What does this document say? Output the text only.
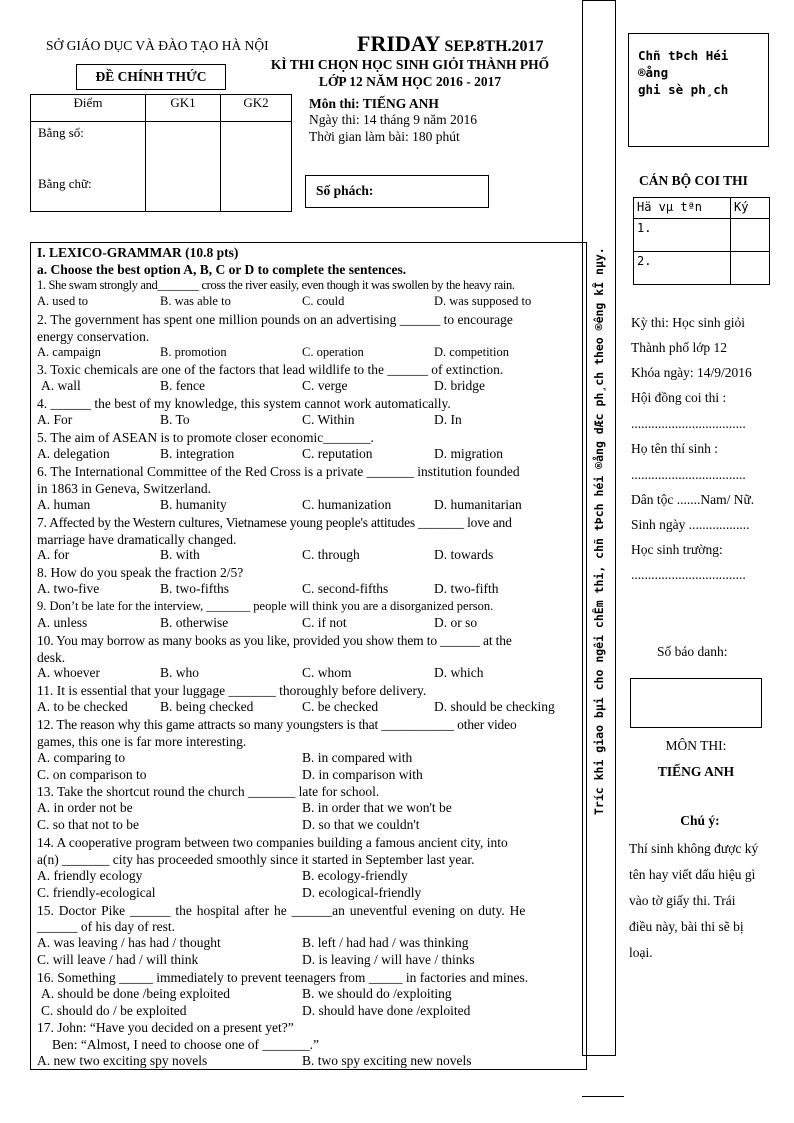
SỞ GIÁO DỤC VÀ ĐÀO TẠO HÀ NỘI	FRIDAY SEP.8TH.2017
ĐỀ CHÍNH THỨC
KÌ THI CHỌN HỌC SINH GIỎI THÀNH PHỐ
LỚP 12 NĂM HỌC 2016 - 2017
Điểm	GK1	GK2

Bằng số:
Bằng chữ:
Môn thi: TIẾNG ANH
Ngày thi: 14 tháng 9 năm 2016
Thời gian làm bài: 180 phút
Số phách:
Tríc khi giao bµi cho ngêi chÊm thi, chñ tÞch héi ®ång dÆc ph¸ch theo ®êng kÎ nµy.
Chñ tÞch Héi
®ång
ghi sè ph¸ch
CÁN BỘ COI THI
Hä vµ tªn	Ký
1.	
2.	
Kỳ thi: Học sinh giỏi
Thành phố lớp 12
Khóa ngày: 14/9/2016
Hội đồng coi thi :
..................................
Họ tên thí sinh :
..................................
Dân tộc .......Nam/ Nữ.
Sinh ngày ..................
Học sinh trường:
..................................
Số báo danh:
MÔN THI:
TIẾNG ANH
Chú ý:
Thí sinh không được ký
tên hay viết dấu hiệu gì
vào tờ giấy thi. Trái
điều này, bài thi sẽ bị
loại.
I. LEXICO-GRAMMAR (10.8 pts)
a. Choose the best option A, B, C or D to complete the sentences.
1. She swam strongly and_______ cross the river easily, even though it was swollen by the heavy rain.
A. used to	B. was able to	C. could	D. was supposed to
2. The government has spent one million pounds on an advertising ______ to encourage
energy conservation.
A. campaign	B. promotion	C. operation	D. competition
3. Toxic chemicals are one of the factors that lead wildlife to the ______ of extinction.
A. wall	B. fence	C. verge	D. bridge
4. ______ the best of my knowledge, this system cannot work automatically.
A. For	B. To	C. Within	D. In
5. The aim of ASEAN is to promote closer economic_______.
A. delegation	B. integration	C. reputation	D. migration
6. The International Committee of the Red Cross is a private _______ institution founded
in 1863 in Geneva, Switzerland.
A. human	B. humanity	C. humanization	D. humanitarian
7. Affected by the Western cultures, Vietnamese young people's attitudes _______ love and
marriage have dramatically changed.
A. for	B. with	C. through	D. towards
8. How do you speak the fraction 2/5?
A. two-five	B. two-fifths	C. second-fifths	D. two-fifth
9. Don’t be late for the interview, _______ people will think you are a disorganized person.
A. unless	B. otherwise	C. if not	D. or so
10. You may borrow as many books as you like, provided you show them to ______ at the
desk.
A. whoever	B. who	C. whom	D. which
11. It is essential that your luggage _______ thoroughly before delivery.
A. to be checked B. being checked	C. be checked	D. should be checking
12. The reason why this game attracts so many youngsters is that ___________ other video
games, this one is far more interesting.
A. comparing to	B. in compared with
C. on comparison to	D. in comparison with
13. Take the shortcut round the church _______ late for school.
A. in order not be	B. in order that we won't be
C. so that not to be	D. so that we couldn't
14. A cooperative program between two companies building a famous ancient city, into
a(n) _______ city has proceeded smoothly since it started in September last year.
A. friendly ecology	B. ecology-friendly
C. friendly-ecological	D. ecological-friendly
15. Doctor Pike ______ the hospital after he ______an uneventful evening on duty. He
______ of his day of rest.
A. was leaving / has had / thought	B. left / had had / was thinking
C. will leave / had / will think	D. is leaving / will have / thinks
16. Something _____ immediately to prevent teenagers from _____ in factories and mines.
A. should be done /being exploited	B. we should do /exploiting
C. should do / be exploited	D. should have done /exploited
17. John: “Have you decided on a present yet?”
Ben: “Almost, I need to choose one of _______.”
A. new two exciting spy novels	B. two spy exciting new novels
